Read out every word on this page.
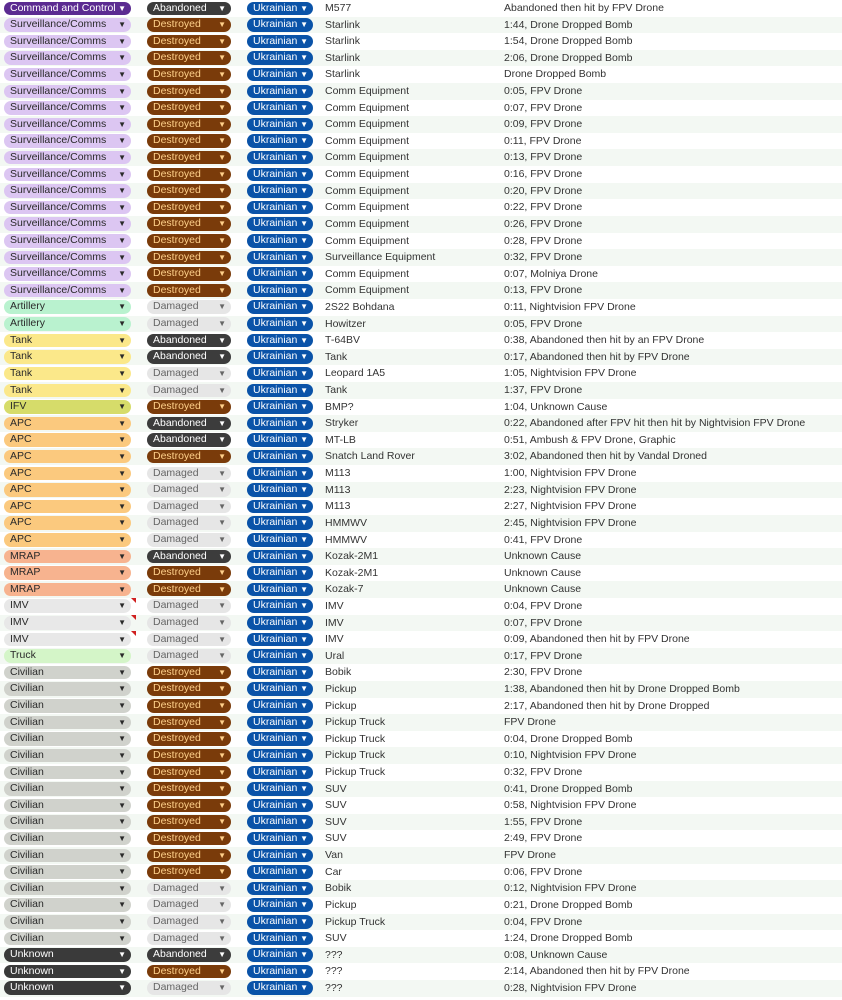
Command and Control ▼	Abandoned ▼	Ukrainian ▼ M577	Abandoned then hit by FPV Drone
Surveillance/Comms ▼	Destroyed ▼	Ukrainian ▼ Starlink	1:44, Drone Dropped Bomb
Surveillance/Comms ▼	Destroyed ▼	Ukrainian ▼ Starlink	1:54, Drone Dropped Bomb
Surveillance/Comms ▼	Destroyed ▼	Ukrainian ▼ Starlink	2:06, Drone Dropped Bomb
Surveillance/Comms ▼	Destroyed ▼	Ukrainian ▼ Starlink	Drone Dropped Bomb
Surveillance/Comms ▼	Destroyed ▼	Ukrainian ▼ Comm Equipment	0:05, FPV Drone
Surveillance/Comms ▼	Destroyed ▼	Ukrainian ▼ Comm Equipment	0:07, FPV Drone
Surveillance/Comms ▼	Destroyed ▼	Ukrainian ▼ Comm Equipment	0:09, FPV Drone
Surveillance/Comms ▼	Destroyed ▼	Ukrainian ▼ Comm Equipment	0:11, FPV Drone
Surveillance/Comms ▼	Destroyed ▼	Ukrainian ▼ Comm Equipment	0:13, FPV Drone
Surveillance/Comms ▼	Destroyed ▼	Ukrainian ▼ Comm Equipment	0:16, FPV Drone
Surveillance/Comms ▼	Destroyed ▼	Ukrainian ▼ Comm Equipment	0:20, FPV Drone
Surveillance/Comms ▼	Destroyed ▼	Ukrainian ▼ Comm Equipment	0:22, FPV Drone
Surveillance/Comms ▼	Destroyed ▼	Ukrainian ▼ Comm Equipment	0:26, FPV Drone
Surveillance/Comms ▼	Destroyed ▼	Ukrainian ▼ Comm Equipment	0:28, FPV Drone
Surveillance/Comms ▼	Destroyed ▼	Ukrainian ▼ Surveillance Equipment	0:32, FPV Drone
Surveillance/Comms ▼	Destroyed ▼	Ukrainian ▼ Comm Equipment	0:07, Molniya Drone
Surveillance/Comms ▼	Destroyed ▼	Ukrainian ▼ Comm Equipment	0:13, FPV Drone
Artillery	▼	Damaged ▼	Ukrainian ▼ 2S22 Bohdana	0:11, Nightvision FPV Drone
Artillery	▼	Damaged ▼	Ukrainian ▼ Howitzer	0:05, FPV Drone
Tank	▼	Abandoned ▼	Ukrainian ▼ T-64BV	0:38, Abandoned then hit by an FPV Drone
Tank	▼	Abandoned ▼	Ukrainian ▼ Tank	0:17, Abandoned then hit by FPV Drone
Tank	▼	Damaged ▼	Ukrainian ▼ Leopard 1A5	1:05, Nightvision FPV Drone
Tank	▼	Damaged ▼	Ukrainian ▼ Tank	1:37, FPV Drone
IFV	▼	Destroyed ▼	Ukrainian ▼ BMP?	1:04, Unknown Cause
APC	▼	Abandoned ▼	Ukrainian ▼ Stryker	0:22, Abandoned after FPV hit then hit by Nightvision FPV Drone
APC	▼	Abandoned ▼	Ukrainian ▼ MT-LB	0:51, Ambush & FPV Drone, Graphic
APC	▼	Destroyed ▼	Ukrainian ▼ Snatch Land Rover	3:02, Abandoned then hit by Vandal Droned
APC	▼	Damaged ▼	Ukrainian ▼ M113	1:00, Nightvision FPV Drone
APC	▼	Damaged ▼	Ukrainian ▼ M113	2:23, Nightvision FPV Drone
APC	▼	Damaged ▼	Ukrainian ▼ M113	2:27, Nightvision FPV Drone
APC	▼	Damaged ▼	Ukrainian ▼ HMMWV	2:45, Nightvision FPV Drone
APC	▼	Damaged ▼	Ukrainian ▼ HMMWV	0:41, FPV Drone
MRAP	▼	Abandoned ▼	Ukrainian ▼ Kozak-2M1	Unknown Cause
MRAP	▼	Destroyed ▼	Ukrainian ▼ Kozak-2M1	Unknown Cause
MRAP	▼	Destroyed ▼	Ukrainian ▼ Kozak-7	Unknown Cause
IMV	▼	Damaged ▼	Ukrainian ▼ IMV	0:04, FPV Drone
IMV	▼	Damaged ▼	Ukrainian ▼ IMV	0:07, FPV Drone
IMV	▼	Damaged ▼	Ukrainian ▼ IMV	0:09, Abandoned then hit by FPV Drone
Truck	▼	Damaged ▼	Ukrainian ▼ Ural	0:17, FPV Drone
Civilian	▼	Destroyed ▼	Ukrainian ▼ Bobik	2:30, FPV Drone
Civilian	▼	Destroyed ▼	Ukrainian ▼ Pickup	1:38, Abandoned then hit by Drone Dropped Bomb
Civilian	▼	Destroyed ▼	Ukrainian ▼ Pickup	2:17, Abandoned then hit by Drone Dropped
Civilian	▼	Destroyed ▼	Ukrainian ▼ Pickup Truck	FPV Drone
Civilian	▼	Destroyed ▼	Ukrainian ▼ Pickup Truck	0:04, Drone Dropped Bomb
Civilian	▼	Destroyed ▼	Ukrainian ▼ Pickup Truck	0:10, Nightvision FPV Drone
Civilian	▼	Destroyed ▼	Ukrainian ▼ Pickup Truck	0:32, FPV Drone
Civilian	▼	Destroyed ▼	Ukrainian ▼ SUV	0:41, Drone Dropped Bomb
Civilian	▼	Destroyed ▼	Ukrainian ▼ SUV	0:58, Nightvision FPV Drone
Civilian	▼	Destroyed ▼	Ukrainian ▼ SUV	1:55, FPV Drone
Civilian	▼	Destroyed ▼	Ukrainian ▼ SUV	2:49, FPV Drone
Civilian	▼	Destroyed ▼	Ukrainian ▼ Van	FPV Drone
Civilian	▼	Destroyed ▼	Ukrainian ▼ Car	0:06, FPV Drone
Civilian	▼	Damaged ▼	Ukrainian ▼ Bobik	0:12, Nightvision FPV Drone
Civilian	▼	Damaged ▼	Ukrainian ▼ Pickup	0:21, Drone Dropped Bomb
Civilian	▼	Damaged ▼	Ukrainian ▼ Pickup Truck	0:04, FPV Drone
Civilian	▼	Damaged ▼	Ukrainian ▼ SUV	1:24, Drone Dropped Bomb
Unknown	▼	Abandoned ▼	Ukrainian ▼ ???	0:08, Unknown Cause
Unknown	▼	Destroyed ▼	Ukrainian ▼ ???	2:14, Abandoned then hit by FPV Drone
Unknown	▼	Damaged ▼	Ukrainian ▼ ???	0:28, Nightvision FPV Drone
